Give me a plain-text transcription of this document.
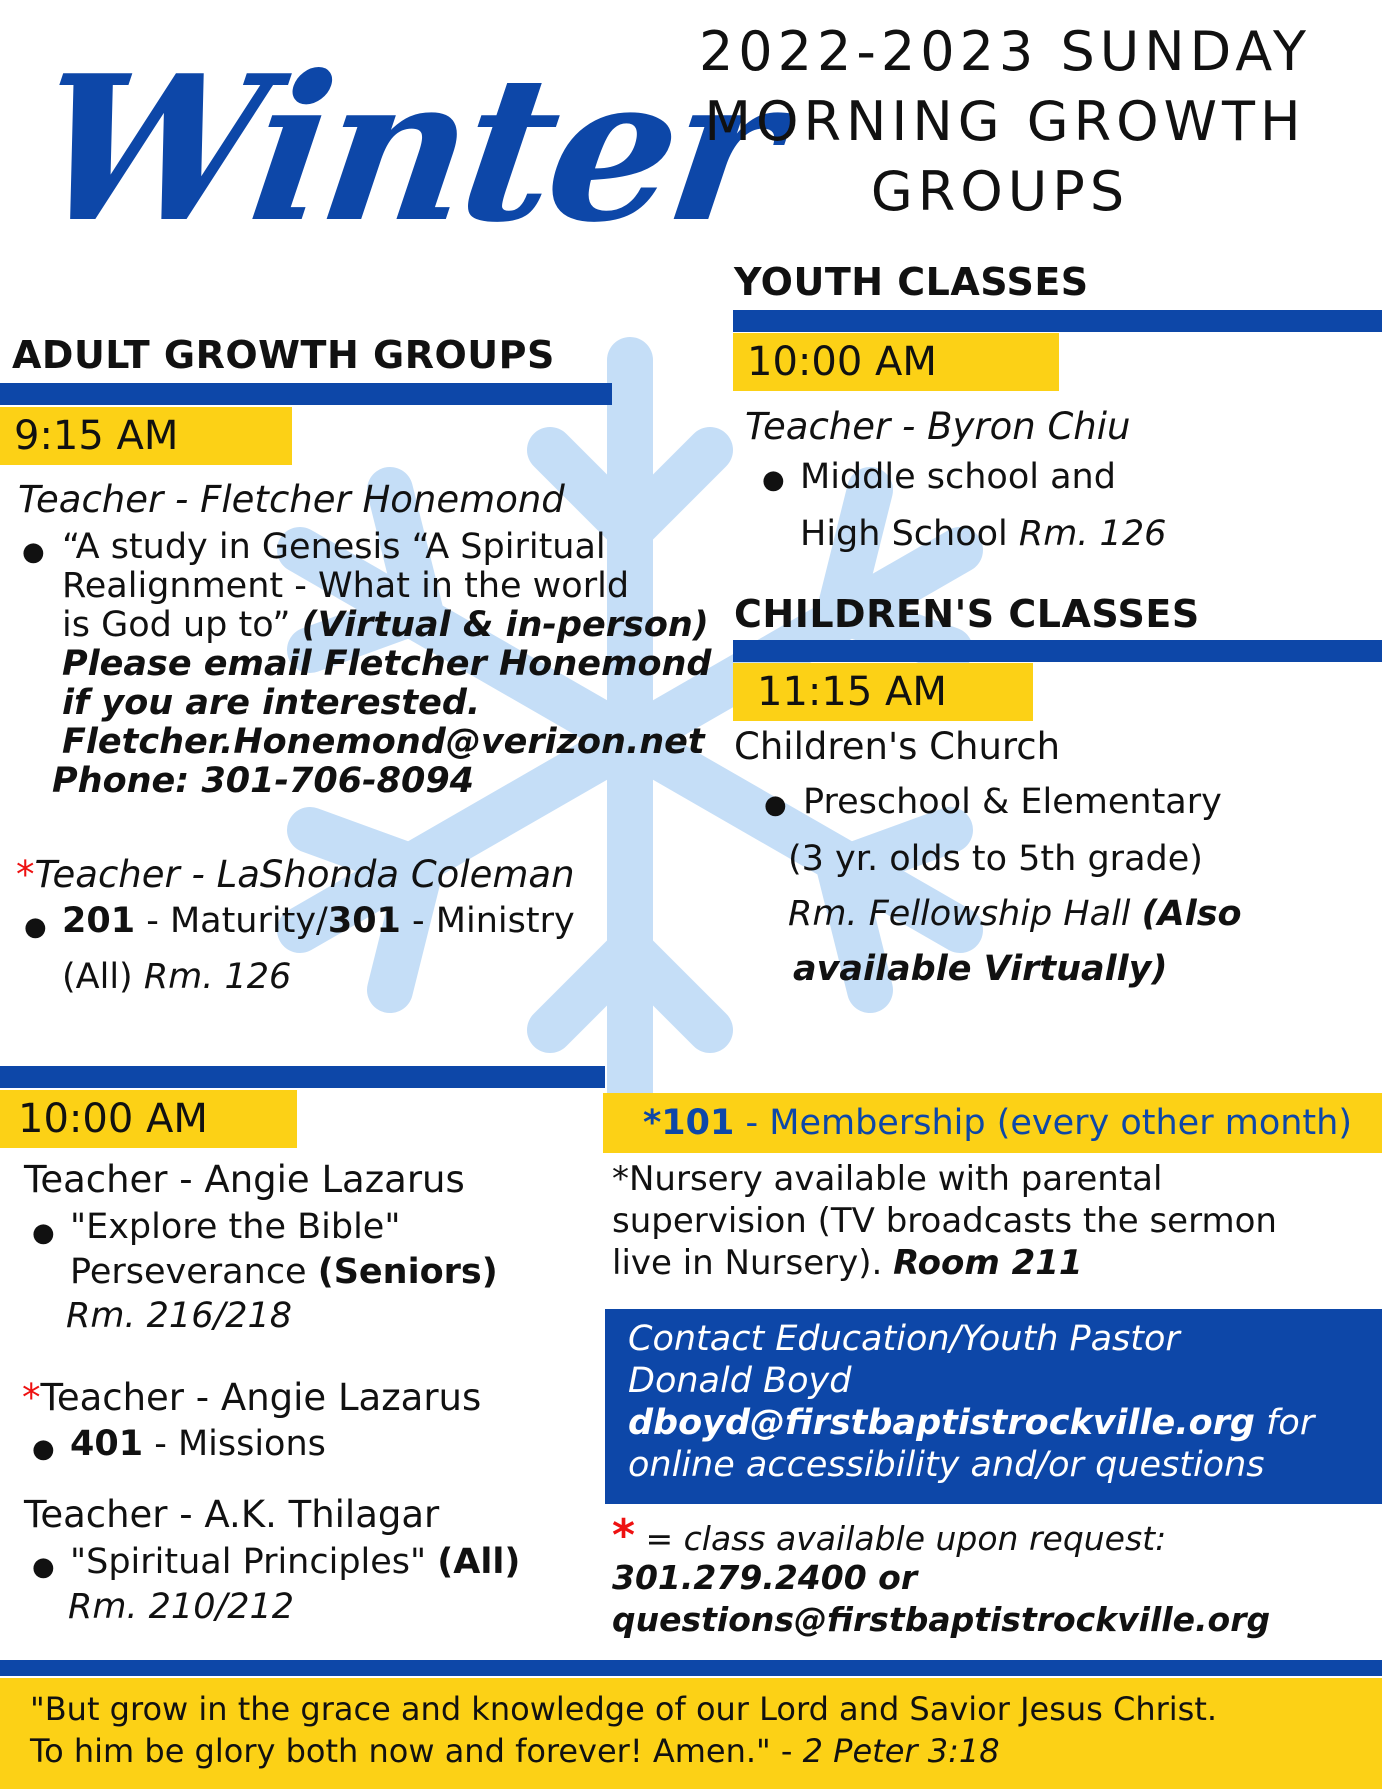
Winter
2022-2023 SUNDAY
MORNING GROWTH
GROUPS
YOUTH CLASSES
10:00 AM
Teacher - Byron Chiu
● Middle school and
High School Rm. 126
CHILDREN'S CLASSES
11:15 AM
Children's Church
● Preschool & Elementary
(3 yr. olds to 5th grade)
Rm. Fellowship Hall (Also
available Virtually)
ADULT GROWTH GROUPS
9:15 AM
Teacher - Fletcher Honemond
● “A study in Genesis “A Spiritual
Realignment - What in the world
is God up to” (Virtual & in-person)
Please email Fletcher Honemond
if you are interested.
Fletcher.Honemond@verizon.net
Phone: 301-706-8094
*Teacher - LaShonda Coleman
● 201 - Maturity/301 - Ministry
(All) Rm. 126
10:00 AM
Teacher - Angie Lazarus
● "Explore the Bible"
Perseverance (Seniors)
Rm. 216/218
*Teacher - Angie Lazarus
● 401 - Missions
Teacher - A.K. Thilagar
● "Spiritual Principles" (All)
Rm. 210/212
*101 - Membership (every other month)
*Nursery available with parental
supervision (TV broadcasts the sermon
live in Nursery). Room 211
Contact Education/Youth Pastor
Donald Boyd
dboyd@firstbaptistrockville.org for
online accessibility and/or questions
* = class available upon request:
301.279.2400 or
questions@firstbaptistrockville.org
"But grow in the grace and knowledge of our Lord and Savior Jesus Christ.
To him be glory both now and forever! Amen." - 2 Peter 3:18
